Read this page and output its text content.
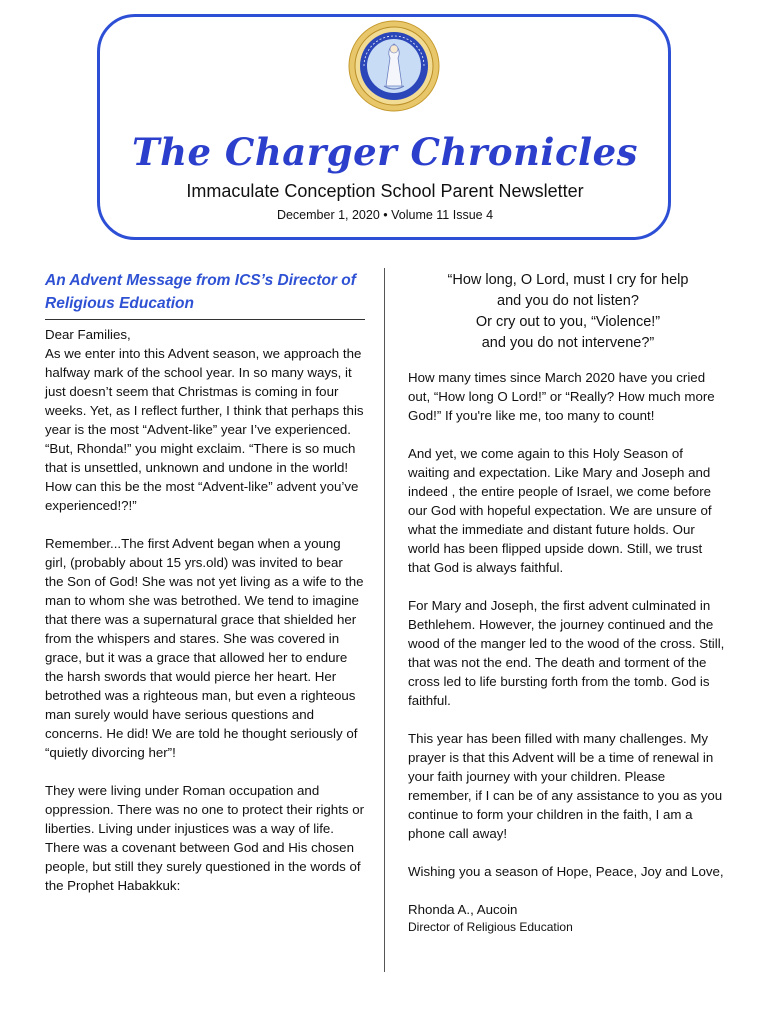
The Charger Chronicles
Immaculate Conception School Parent Newsletter
December 1, 2020 • Volume 11 Issue 4

An Advent Message from ICS’s Director of Religious Education

Dear Families,
As we enter into this Advent season, we approach the halfway mark of the school year. In so many ways, it just doesn’t seem that Christmas is coming in four weeks. Yet, as I reflect further, I think that perhaps this year is the most “Advent-like” year I’ve experienced. “But, Rhonda!” you might exclaim. “There is so much that is unsettled, unknown and undone in the world! How can this be the most “Advent-like” advent you’ve experienced!?!”

Remember...The first Advent began when a young girl, (probably about 15 yrs.old) was invited to bear the Son of God! She was not yet living as a wife to the man to whom she was betrothed. We tend to imagine that there was a supernatural grace that shielded her from the whispers and stares. She was covered in grace, but it was a grace that allowed her to endure the harsh swords that would pierce her heart. Her betrothed was a righteous man, but even a righteous man surely would have serious questions and concerns. He did! We are told he thought seriously of “quietly divorcing her”!

They were living under Roman occupation and oppression. There was no one to protect their rights or liberties. Living under injustices was a way of life. There was a covenant between God and His chosen people, but still they surely questioned in the words of the Prophet Habakkuk:

“How long, O Lord, must I cry for help
and you do not listen?
Or cry out to you, “Violence!”
and you do not intervene?”

How many times since March 2020 have you cried out, “How long O Lord!” or “Really? How much more God!” If you're like me, too many to count!

And yet, we come again to this Holy Season of waiting and expectation. Like Mary and Joseph and indeed , the entire people of Israel, we come before our God with hopeful expectation. We are unsure of what the immediate and distant future holds. Our world has been flipped upside down. Still, we trust that God is always faithful.

For Mary and Joseph, the first advent culminated in Bethlehem. However, the journey continued and the wood of the manger led to the wood of the cross. Still, that was not the end. The death and torment of the cross led to life bursting forth from the tomb. God is faithful.

This year has been filled with many challenges. My prayer is that this Advent will be a time of renewal in your faith journey with your children. Please remember, if I can be of any assistance to you as you continue to form your children in the faith, I am a phone call away!

Wishing you a season of Hope, Peace, Joy and Love,

Rhonda A., Aucoin

Director of Religious Education
